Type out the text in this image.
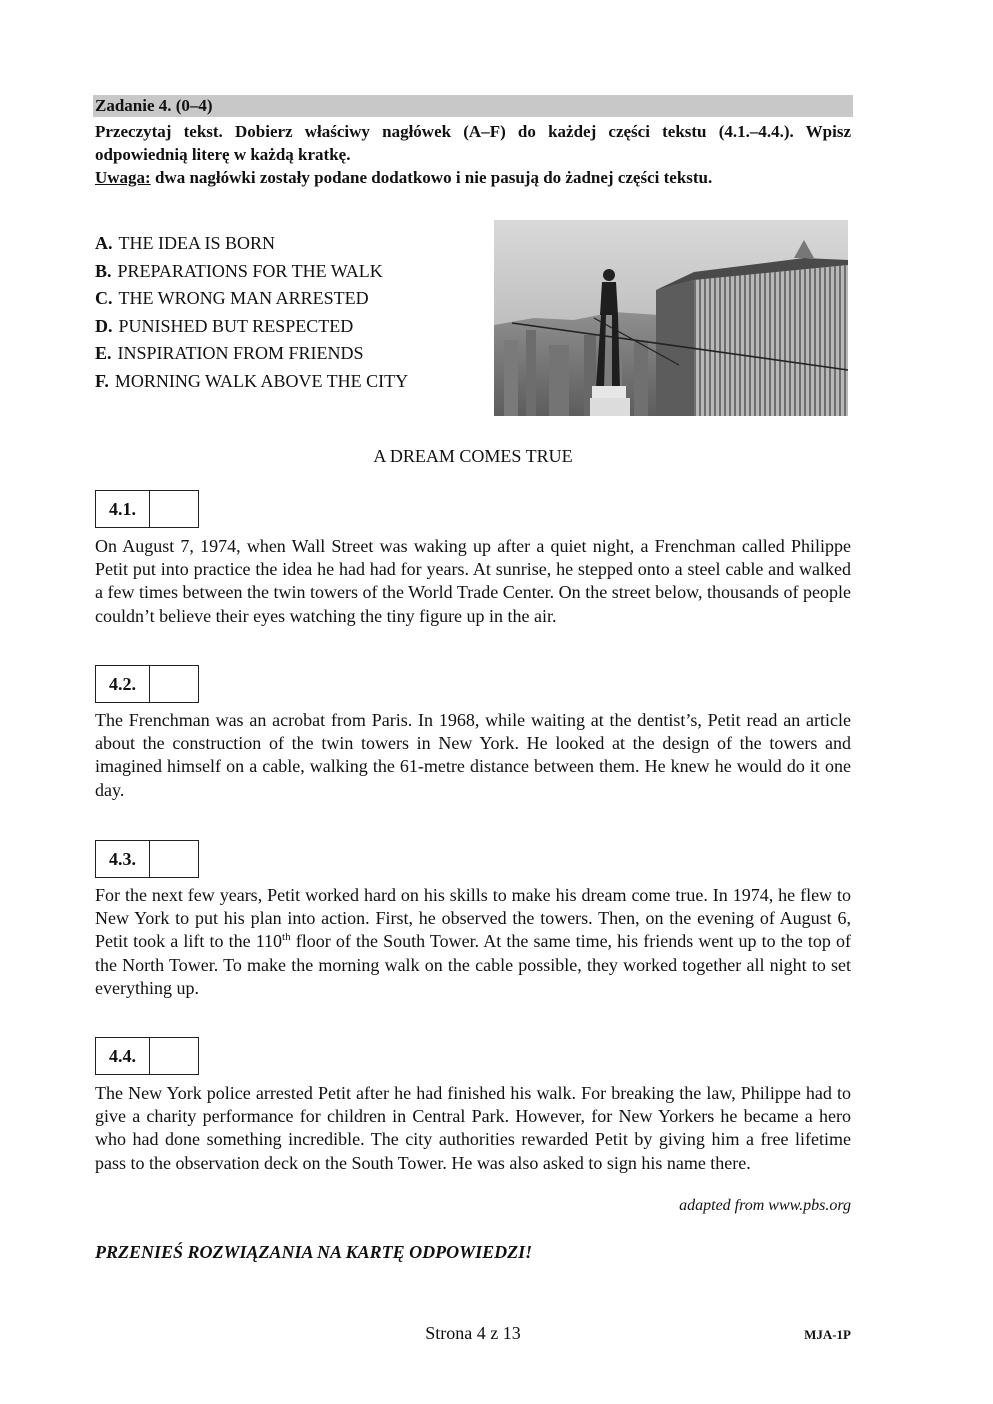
Zadanie 4. (0–4)
Przeczytaj tekst. Dobierz właściwy nagłówek (A–F) do każdej części tekstu (4.1.–4.4.). Wpisz odpowiednią literę w każdą kratkę.
Uwaga: dwa nagłówki zostały podane dodatkowo i nie pasują do żadnej części tekstu.
A. THE IDEA IS BORN
B. PREPARATIONS FOR THE WALK
C. THE WRONG MAN ARRESTED
D. PUNISHED BUT RESPECTED
E. INSPIRATION FROM FRIENDS
F. MORNING WALK ABOVE THE CITY
A DREAM COMES TRUE
4.1.

On August 7, 1974, when Wall Street was waking up after a quiet night, a Frenchman called Philippe Petit put into practice the idea he had had for years. At sunrise, he stepped onto a steel cable and walked a few times between the twin towers of the World Trade Center. On the street below, thousands of people couldn’t believe their eyes watching the tiny figure up in the air.

4.2.

The Frenchman was an acrobat from Paris. In 1968, while waiting at the dentist’s, Petit read an article about the construction of the twin towers in New York. He looked at the design of the towers and imagined himself on a cable, walking the 61-metre distance between them. He knew he would do it one day.

4.3.

For the next few years, Petit worked hard on his skills to make his dream come true. In 1974, he flew to New York to put his plan into action. First, he observed the towers. Then, on the evening of August 6, Petit took a lift to the 110th floor of the South Tower. At the same time, his friends went up to the top of the North Tower. To make the morning walk on the cable possible, they worked together all night to set everything up.

4.4.

The New York police arrested Petit after he had finished his walk. For breaking the law, Philippe had to give a charity performance for children in Central Park. However, for New Yorkers he became a hero who had done something incredible. The city authorities rewarded Petit by giving him a free lifetime pass to the observation deck on the South Tower. He was also asked to sign his name there.

adapted from www.pbs.org
PRZENIEŚ ROZWIĄZANIA NA KARTĘ ODPOWIEDZI!
Strona 4 z 13	MJA-1P
